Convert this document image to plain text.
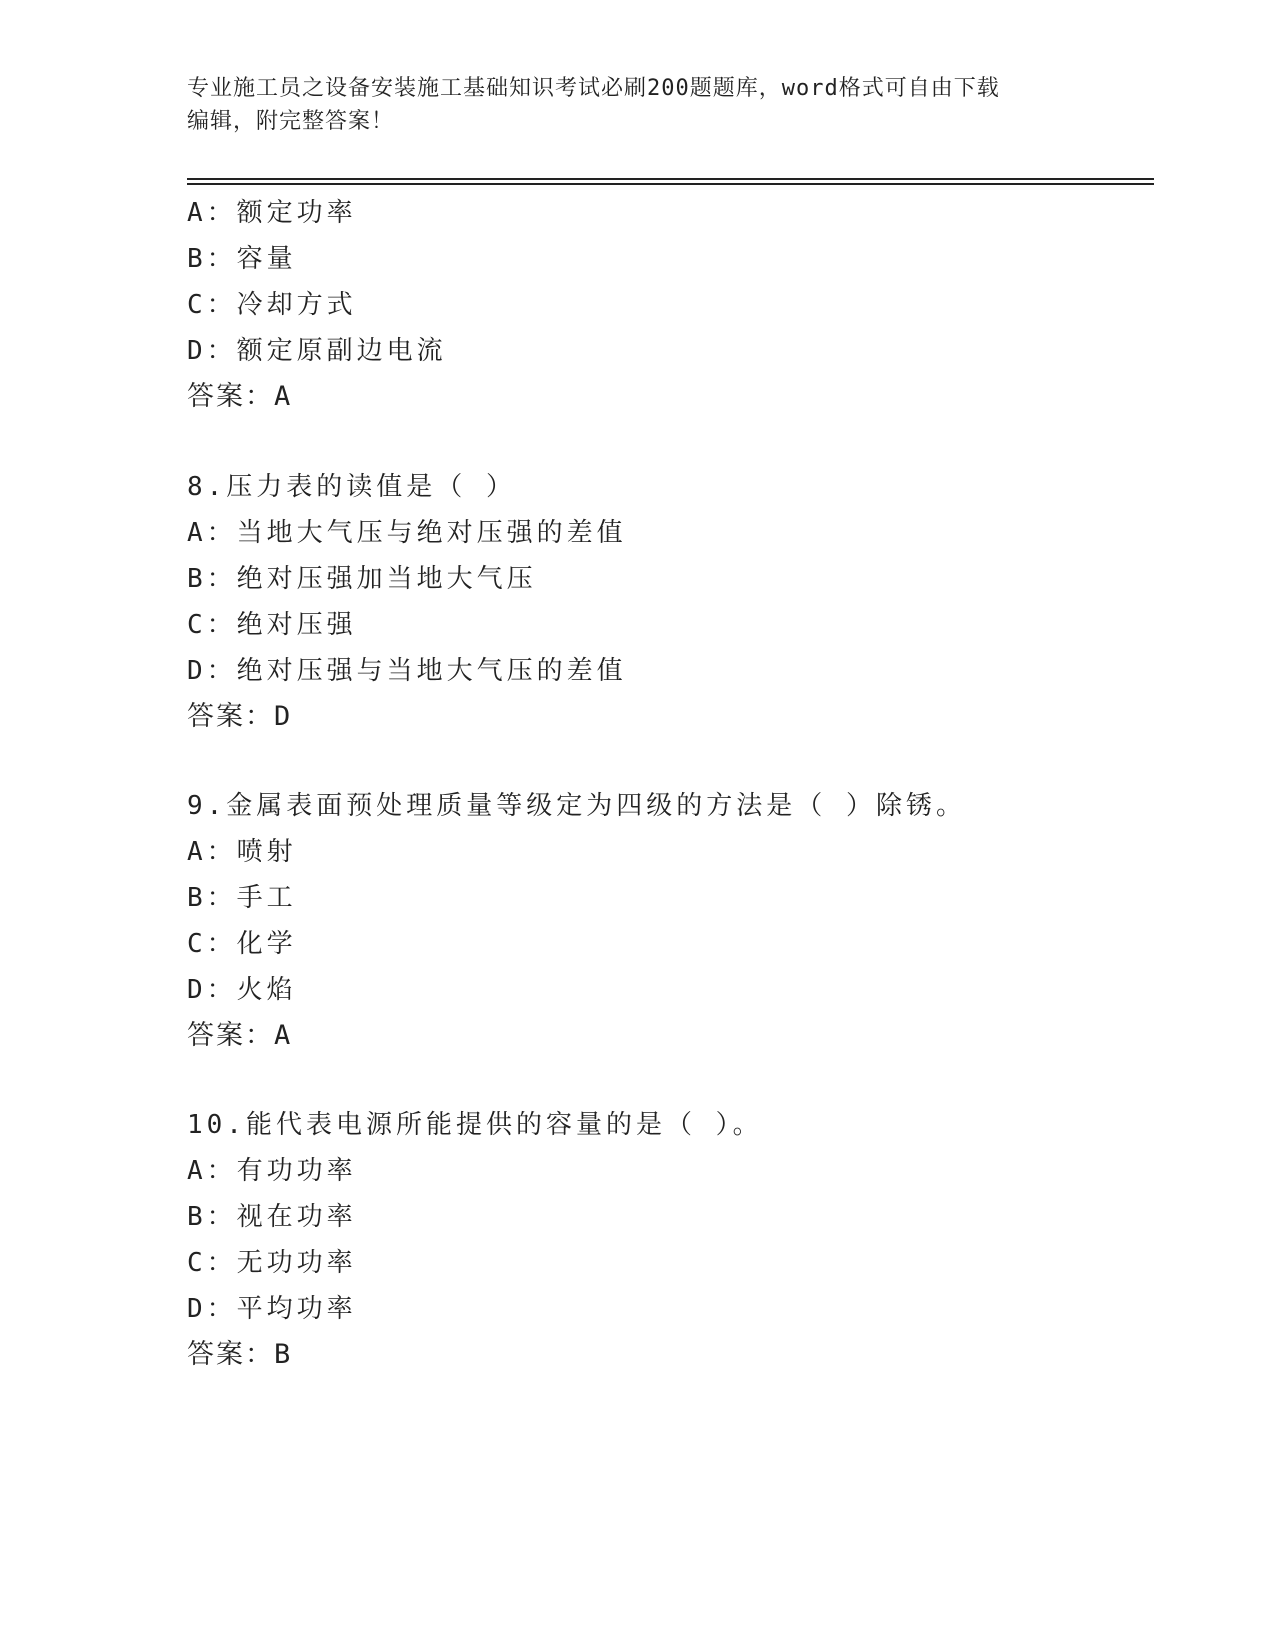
专业施工员之设备安装施工基础知识考试必刷200题题库，word格式可自由下载
编辑，附完整答案！
A：额定功率
B：容量
C：冷却方式
D：额定原副边电流
答案：A
8.压力表的读值是（ ）
A：当地大气压与绝对压强的差值
B：绝对压强加当地大气压
C：绝对压强
D：绝对压强与当地大气压的差值
答案：D
9.金属表面预处理质量等级定为四级的方法是（ ）除锈。
A：喷射
B：手工
C：化学
D：火焰
答案：A
10.能代表电源所能提供的容量的是（ ）。
A：有功功率
B：视在功率
C：无功功率
D：平均功率
答案：B
